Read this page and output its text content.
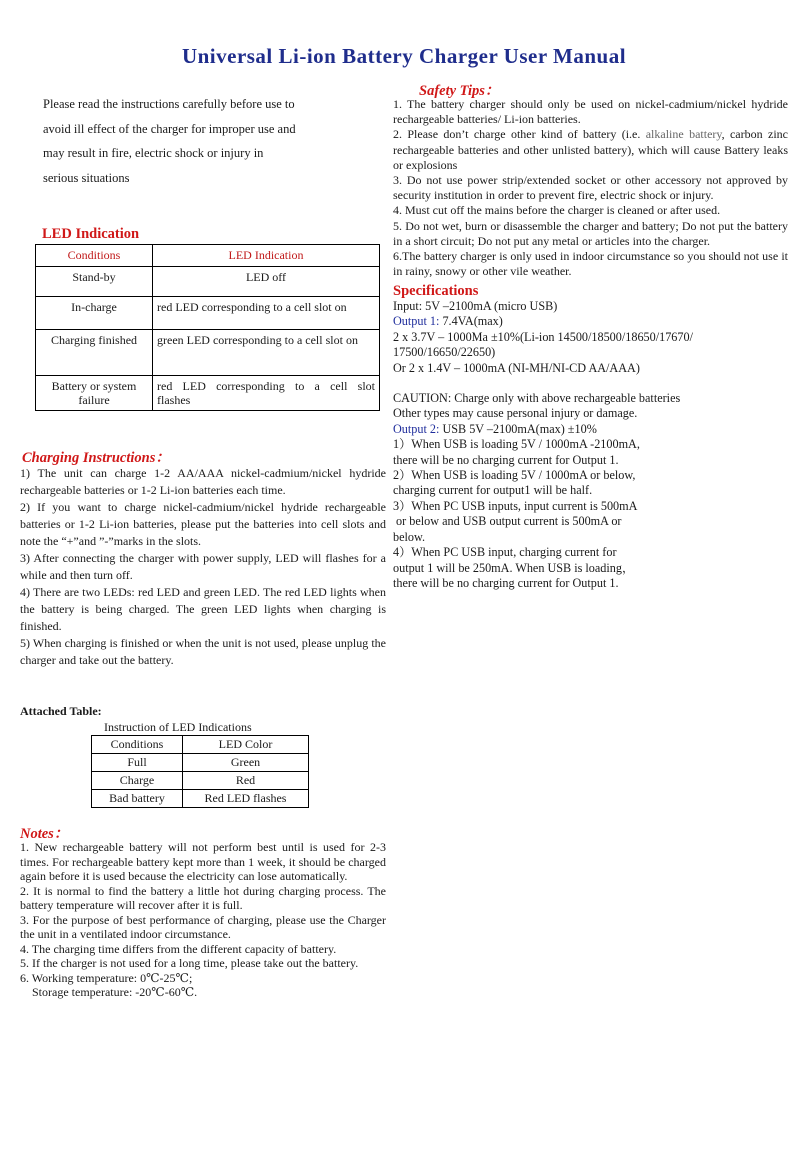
Universal Li-ion Battery Charger User Manual
Please read the instructions carefully before use to
avoid ill effect of the charger for improper use and
may result in fire, electric shock or injury in
serious situations
LED Indication
Conditions	LED Indication
Stand-by	LED off
In-charge	red LED corresponding to a cell slot on
Charging finished	green LED corresponding to a cell slot on
Battery or system failure	red LED corresponding to a cell slot
flashes
Charging Instructions：

1) The unit can charge 1-2 AA/AAA nickel-cadmium/nickel hydride rechargeable batteries or 1-2 Li-ion batteries each time.

2) If you want to charge nickel-cadmium/nickel hydride rechargeable batteries or 1-2 Li-ion batteries, please put the batteries into cell slots and note the “+”and ”-”marks in the slots.

3) After connecting the charger with power supply, LED will flashes for a while and then turn off.

4) There are two LEDs: red LED and green LED. The red LED lights when the battery is being charged. The green LED lights when charging is finished.

5) When charging is finished or when the unit is not used, please unplug the charger and take out the battery.

Attached Table:
Instruction of LED Indications
Conditions	LED Color
Full	Green
Charge	Red
Bad battery	Red LED flashes
Notes：

1. New rechargeable battery will not perform best until is used for 2-3 times. For rechargeable battery kept more than 1 week, it should be charged again before it is used because the electricity can lose automatically.

2. It is normal to find the battery a little hot during charging process. The battery temperature will recover after it is full.

3. For the purpose of best performance of charging, please use the Charger the unit in a ventilated indoor circumstance.

4. The charging time differs from the different capacity of battery.

5. If the charger is not used for a long time, please take out the battery.

6. Working temperature: 0℃-25℃;

Storage temperature: -20℃-60℃.

Safety Tips：

1. The battery charger should only be used on nickel-cadmium/nickel hydride rechargeable batteries/ Li-ion batteries.

2. Please don’t charge other kind of battery (i.e. alkaline battery, carbon zinc rechargeable batteries and other unlisted battery), which will cause Battery leaks or explosions

3. Do not use power strip/extended socket or other accessory not approved by security institution in order to prevent fire, electric shock or injury.

4. Must cut off the mains before the charger is cleaned or after used.

5. Do not wet, burn or disassemble the charger and battery; Do not put the battery in a short circuit; Do not put any metal or articles into the charger.

6.The battery charger is only used in indoor circumstance so you should not use it in rainy, snowy or other vile weather.

Specifications

Input: 5V –2100mA (micro USB)

Output 1: 7.4VA(max)

2 x 3.7V – 1000Ma ±10%(Li-ion 14500/18500/18650/17670/

17500/16650/22650)

Or 2 x 1.4V – 1000mA (NI-MH/NI-CD AA/AAA)

CAUTION: Charge only with above rechargeable batteries

Other types may cause personal injury or damage.

Output 2: USB 5V –2100mA(max) ±10%

1）When USB is loading 5V / 1000mA -2100mA,

there will be no charging current for Output 1.

2）When USB is loading 5V / 1000mA or below,

charging current for output1 will be half.

3）When PC USB inputs, input current is 500mA

or below and USB output current is 500mA or

below.

4）When PC USB input, charging current for

output 1 will be 250mA. When USB is loading，

there will be no charging current for Output 1.
